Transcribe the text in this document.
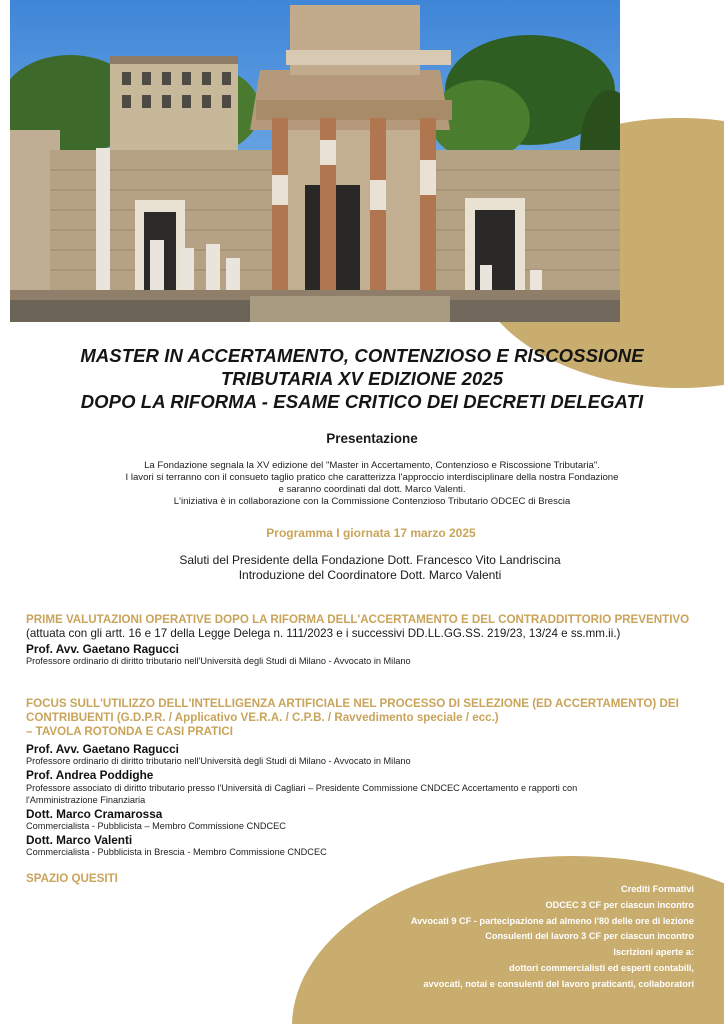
MASTER IN ACCERTAMENTO, CONTENZIOSO E RISCOSSIONE
TRIBUTARIA XV EDIZIONE 2025
DOPO LA RIFORMA - ESAME CRITICO DEI DECRETI DELEGATI
Presentazione
La Fondazione segnala la XV edizione del "Master in Accertamento, Contenzioso e Riscossione Tributaria".
I lavori si terranno con il consueto taglio pratico che caratterizza l'approccio interdisciplinare della nostra Fondazione
e saranno coordinati dal dott. Marco Valenti.
L'iniziativa è in collaborazione con la Commissione Contenzioso Tributario ODCEC di Brescia
Programma I giornata 17 marzo 2025
Saluti del Presidente della Fondazione Dott. Francesco Vito Landriscina
Introduzione del Coordinatore Dott. Marco Valenti
PRIME VALUTAZIONI OPERATIVE DOPO LA RIFORMA DELL'ACCERTAMENTO E DEL CONTRADDITTORIO PREVENTIVO
(attuata con gli artt. 16 e 17 della Legge Delega n. 111/2023 e i successivi DD.LL.GG.SS. 219/23, 13/24 e ss.mm.ii.)
Prof. Avv. Gaetano Ragucci
Professore ordinario di diritto tributario nell'Università degli Studi di Milano - Avvocato in Milano
FOCUS SULL'UTILIZZO DELL'INTELLIGENZA ARTIFICIALE NEL PROCESSO DI SELEZIONE (ED ACCERTAMENTO) DEI
CONTRIBUENTI (G.D.P.R. / Applicativo VE.R.A. / C.P.B. / Ravvedimento speciale / ecc.)
– TAVOLA ROTONDA E CASI PRATICI
Prof. Avv. Gaetano Ragucci
Professore ordinario di diritto tributario nell'Università degli Studi di Milano - Avvocato in Milano
Prof. Andrea Poddighe
Professore associato di diritto tributario presso l'Università di Cagliari – Presidente Commissione CNDCEC Accertamento e rapporti con
l'Amministrazione Finanziaria
Dott. Marco Cramarossa
Commercialista - Pubblicista – Membro Commissione CNDCEC
Dott. Marco Valenti
Commercialista - Pubblicista in Brescia - Membro Commissione CNDCEC
SPAZIO QUESITI
Crediti Formativi
ODCEC 3 CF per ciascun incontro
Avvocati 9 CF - partecipazione ad almeno l'80 delle ore di lezione
Consulenti del lavoro 3 CF per ciascun incontro
Iscrizioni aperte a:
dottori commercialisti ed esperti contabili,
avvocati, notai e consulenti del lavoro praticanti, collaboratori
